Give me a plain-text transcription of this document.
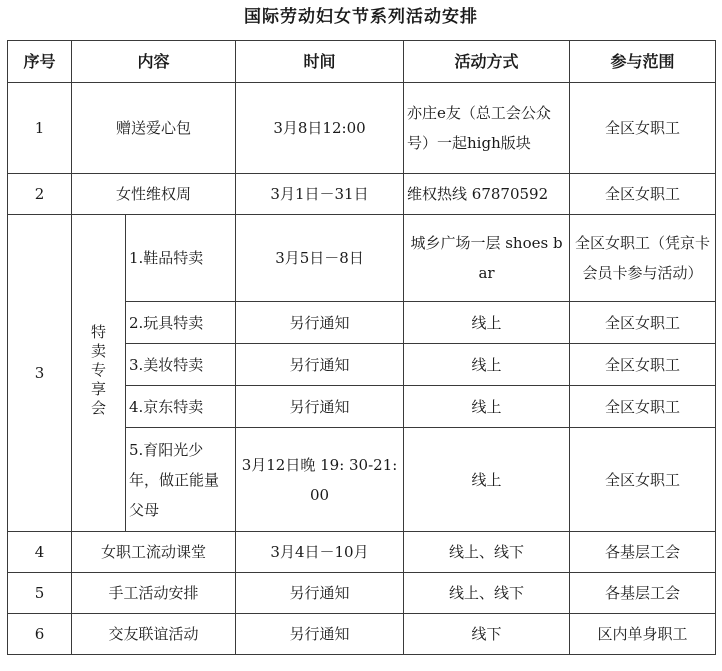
国际劳动妇女节系列活动安排
序号	内容		时间	活动方式	参与范围
1	赠送爱心包		3月8日12:00	亦庄e友（总工会公众号）一起high版块	全区女职工
2	女性维权周		3月1日－31日	维权热线 67870592	全区女职工
3	特卖专享会	1.鞋品特卖	3月5日－8日	城乡广场一层 shoes bar	全区女职工（凭京卡会员卡参与活动）
		2.玩具特卖	另行通知	线上	全区女职工
		3.美妆特卖	另行通知	线上	全区女职工
		4.京东特卖	另行通知	线上	全区女职工
		5.育阳光少年，做正能量父母	3月12日晚 19: 30-21:00	线上	全区女职工
4	女职工流动课堂		3月4日－10月	线上、线下	各基层工会
5	手工活动安排		另行通知	线上、线下	各基层工会
6	交友联谊活动		另行通知	线下	区内单身职工
